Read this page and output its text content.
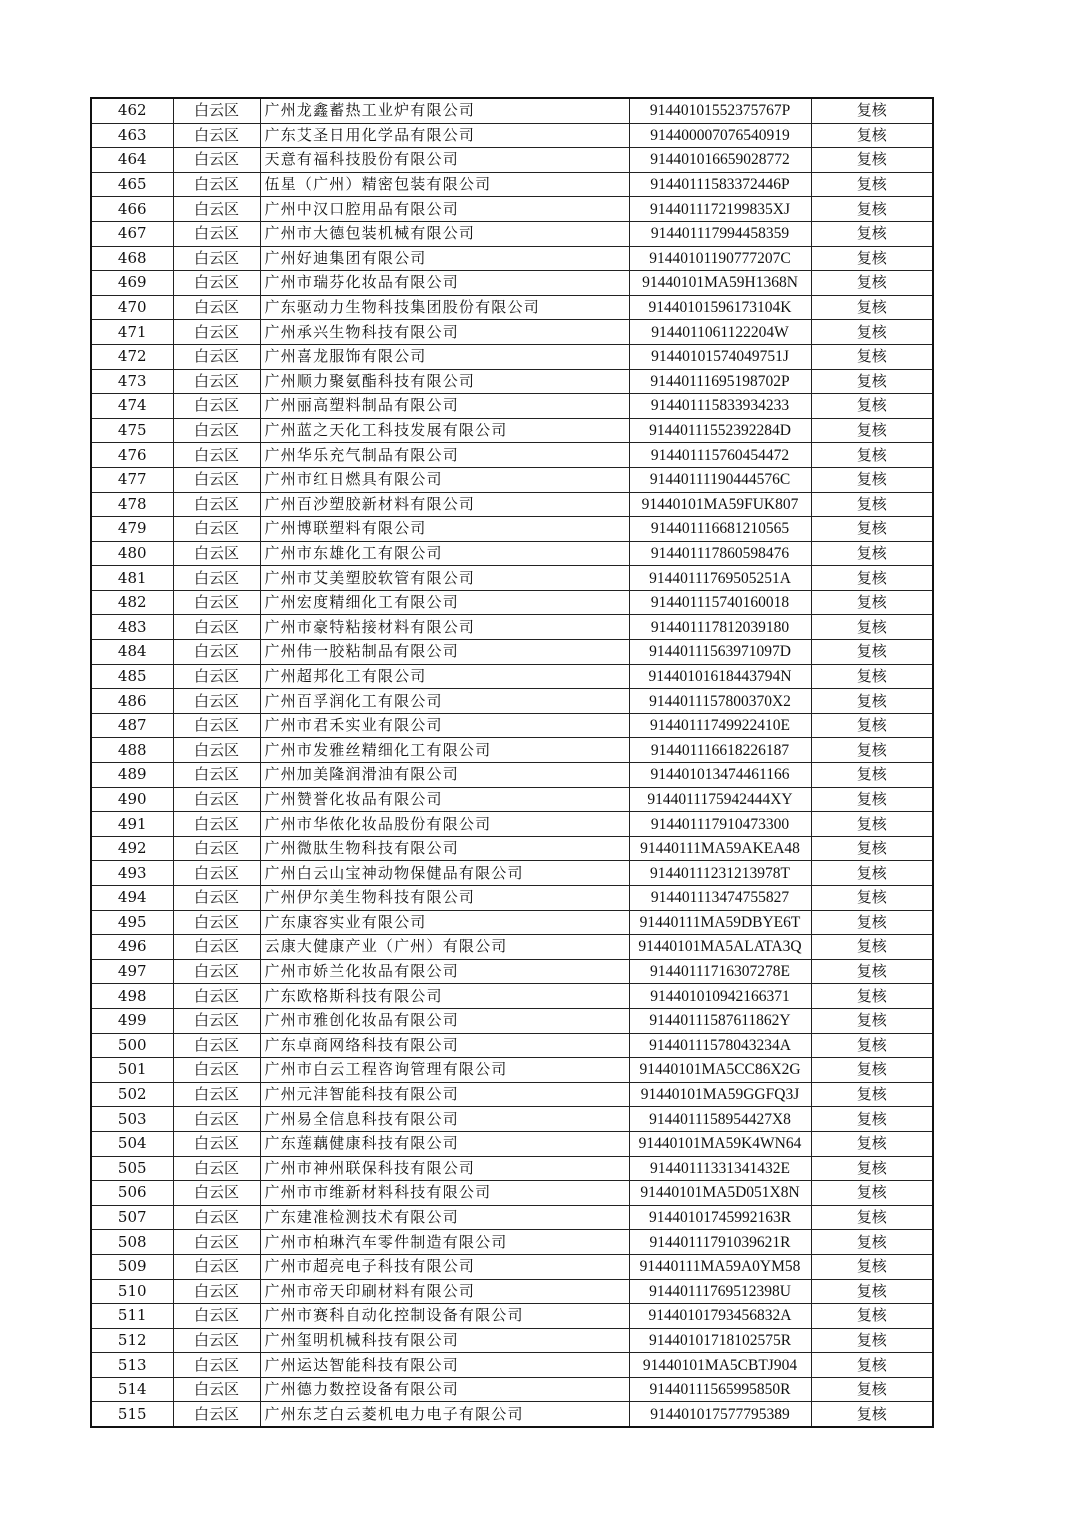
462	白云区	广州龙鑫蓄热工业炉有限公司	91440101552375767P	复核
463	白云区	广东艾圣日用化学品有限公司	914400007076540919	复核
464	白云区	天意有福科技股份有限公司	914401016659028772	复核
465	白云区	伍星（广州）精密包装有限公司	91440111583372446P	复核
466	白云区	广州中汉口腔用品有限公司	9144011172199835XJ	复核
467	白云区	广州市大德包装机械有限公司	914401117994458359	复核
468	白云区	广州好迪集团有限公司	91440101190777207C	复核
469	白云区	广州市瑞芬化妆品有限公司	91440101MA59H1368N	复核
470	白云区	广东驱动力生物科技集团股份有限公司	91440101596173104K	复核
471	白云区	广州承兴生物科技有限公司	9144011061122204W	复核
472	白云区	广州喜龙服饰有限公司	91440101574049751J	复核
473	白云区	广州顺力聚氨酯科技有限公司	91440111695198702P	复核
474	白云区	广州丽高塑料制品有限公司	914401115833934233	复核
475	白云区	广州蓝之天化工科技发展有限公司	91440111552392284D	复核
476	白云区	广州华乐充气制品有限公司	914401115760454472	复核
477	白云区	广州市红日燃具有限公司	91440111190444576C	复核
478	白云区	广州百沙塑胶新材料有限公司	91440101MA59FUK807	复核
479	白云区	广州博联塑料有限公司	914401116681210565	复核
480	白云区	广州市东雄化工有限公司	914401117860598476	复核
481	白云区	广州市艾美塑胶软管有限公司	91440111769505251A	复核
482	白云区	广州宏度精细化工有限公司	914401115740160018	复核
483	白云区	广州市豪特粘接材料有限公司	914401117812039180	复核
484	白云区	广州伟一胶粘制品有限公司	91440111563971097D	复核
485	白云区	广州超邦化工有限公司	91440101618443794N	复核
486	白云区	广州百孚润化工有限公司	9144011157800370X2	复核
487	白云区	广州市君禾实业有限公司	91440111749922410E	复核
488	白云区	广州市发雅丝精细化工有限公司	914401116618226187	复核
489	白云区	广州加美隆润滑油有限公司	914401013474461166	复核
490	白云区	广州赞誉化妆品有限公司	9144011175942444XY	复核
491	白云区	广州市华侬化妆品股份有限公司	914401117910473300	复核
492	白云区	广州微肽生物科技有限公司	91440111MA59AKEA48	复核
493	白云区	广州白云山宝神动物保健品有限公司	91440111231213978T	复核
494	白云区	广州伊尔美生物科技有限公司	914401113474755827	复核
495	白云区	广东康容实业有限公司	91440111MA59DBYE6T	复核
496	白云区	云康大健康产业（广州）有限公司	91440101MA5ALATA3Q	复核
497	白云区	广州市娇兰化妆品有限公司	91440111716307278E	复核
498	白云区	广东欧格斯科技有限公司	914401010942166371	复核
499	白云区	广州市雅创化妆品有限公司	91440111587611862Y	复核
500	白云区	广东卓商网络科技有限公司	91440111578043234A	复核
501	白云区	广州市白云工程咨询管理有限公司	91440101MA5CC86X2G	复核
502	白云区	广州元沣智能科技有限公司	91440101MA59GGFQ3J	复核
503	白云区	广州易全信息科技有限公司	9144011158954427X8	复核
504	白云区	广东莲藕健康科技有限公司	91440101MA59K4WN64	复核
505	白云区	广州市神州联保科技有限公司	91440111331341432E	复核
506	白云区	广州市市维新材料科技有限公司	91440101MA5D051X8N	复核
507	白云区	广东建准检测技术有限公司	91440101745992163R	复核
508	白云区	广州市柏琳汽车零件制造有限公司	91440111791039621R	复核
509	白云区	广州市超亮电子科技有限公司	91440111MA59A0YM58	复核
510	白云区	广州市帝天印刷材料有限公司	91440111769512398U	复核
511	白云区	广州市赛科自动化控制设备有限公司	91440101793456832A	复核
512	白云区	广州玺明机械科技有限公司	91440101718102575R	复核
513	白云区	广州运达智能科技有限公司	91440101MA5CBTJ904	复核
514	白云区	广州德力数控设备有限公司	91440111565995850R	复核
515	白云区	广州东芝白云菱机电力电子有限公司	914401017577795389	复核
